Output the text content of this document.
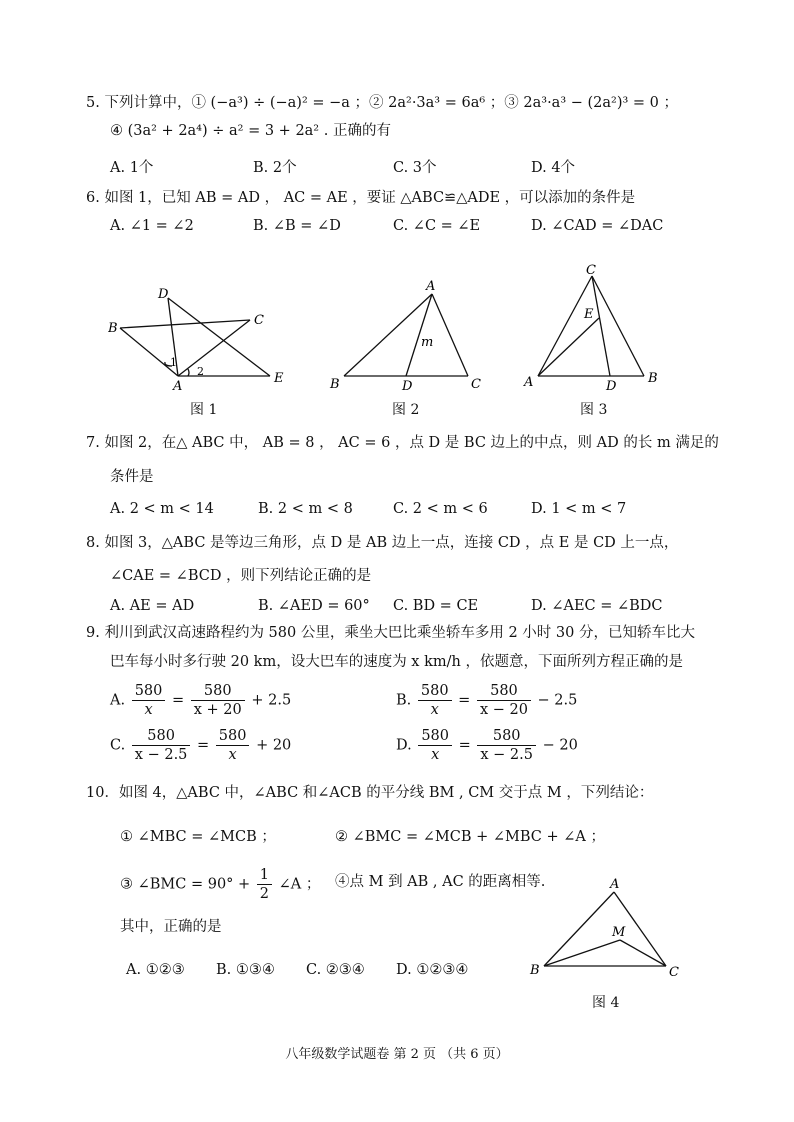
5. 下列计算中，① (−a³) ÷ (−a)² = −a ；② 2a²·3a³ = 6a⁶ ；③ 2a³·a³ − (2a²)³ = 0 ；
④ (3a² + 2a⁴) ÷ a² = 3 + 2a² . 正确的有
A. 1个	B. 2个	C. 3个	D. 4个
6. 如图 1，已知 AB = AD ， AC = AE ，要证 △ABC≌△ADE ，可以添加的条件是
A. ∠1 = ∠2	B. ∠B = ∠D	C. ∠C = ∠E	D. ∠CAD = ∠DAC
D
B
C
1
2
A
E
图 1
A
m
B	D	C
图 2
C
E
A	D
B
图 3
7. 如图 2，在△ ABC 中， AB = 8 ， AC = 6 ，点 D 是 BC 边上的中点，则 AD 的长 m 满足的
条件是
A. 2 < m < 14	B. 2 < m < 8	C. 2 < m < 6	D. 1 < m < 7
8. 如图 3，△ABC 是等边三角形，点 D 是 AB 边上一点，连接 CD ，点 E 是 CD 上一点，
∠CAE = ∠BCD ，则下列结论正确的是
A. AE = AD	B. ∠AED = 60° C. BD = CE	D. ∠AEC = ∠BDC
9. 利川到武汉高速路程约为 580 公里，乘坐大巴比乘坐轿车多用 2 小时 30 分，已知轿车比大
巴车每小时多行驶 20 km，设大巴车的速度为 x km/h ，依题意，下面所列方程正确的是
A. $\frac{580}{x} = \frac{580}{x + 20} + 2.5$	B. $\frac{580}{x} = \frac{580}{x - 20} - 2.5$
C. $\frac{580}{x - 2.5} = \frac{580}{x} + 20$	D. $\frac{580}{x} = \frac{580}{x - 2.5} - 20$
10．如图 4，△ABC 中，∠ABC 和∠ACB 的平分线 BM , CM 交于点 M ，下列结论：
① ∠MBC = ∠MCB ；	② ∠BMC = ∠MCB + ∠MBC + ∠A ；
③ ∠BMC = $90^\circ + \frac{1}{2}$ ∠A ； ④点 M 到 AB , AC 的距离相等.
其中，正确的是
A. ①②③ B. ①③④ C. ②③④ D. ①②③④
A
M
B	C
图 4
八年级数学试题卷 第 2 页 （共 6 页）
